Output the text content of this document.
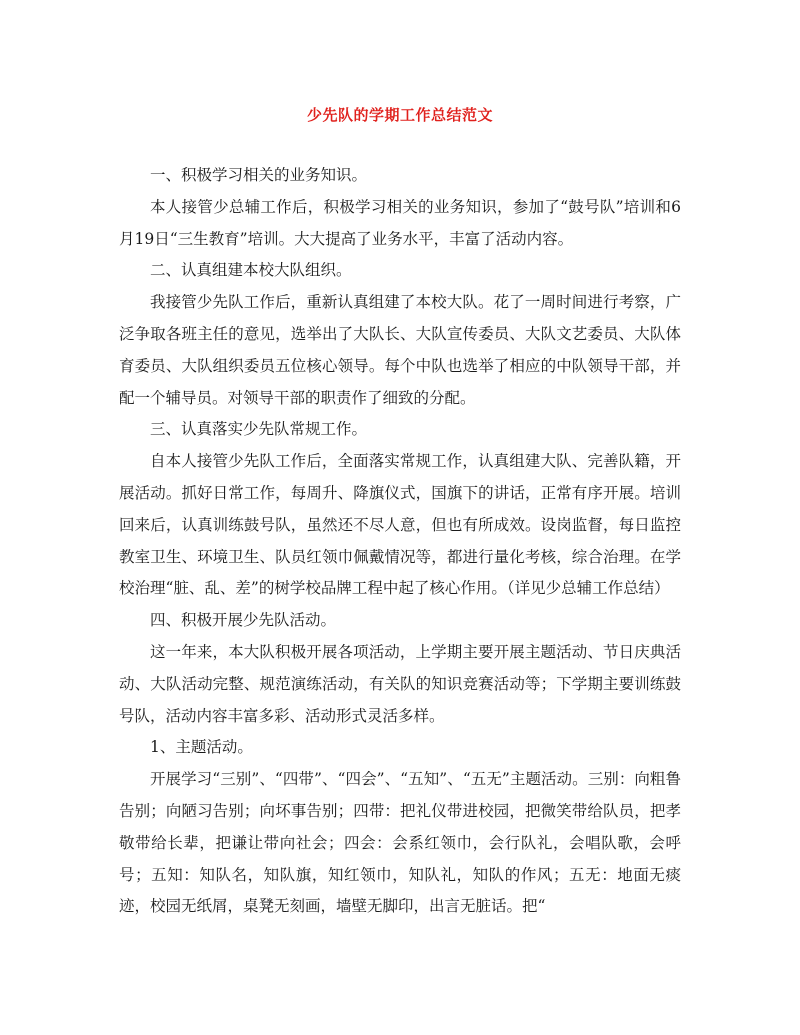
少先队的学期工作总结范文

一、积极学习相关的业务知识。

本人接管少总辅工作后，积极学习相关的业务知识，参加了“鼓号队”培训和6月19日“三生教育”培训。大大提高了业务水平，丰富了活动内容。

二、认真组建本校大队组织。

我接管少先队工作后，重新认真组建了本校大队。花了一周时间进行考察，广泛争取各班主任的意见，选举出了大队长、大队宣传委员、大队文艺委员、大队体育委员、大队组织委员五位核心领导。每个中队也选举了相应的中队领导干部，并配一个辅导员。对领导干部的职责作了细致的分配。

三、认真落实少先队常规工作。

自本人接管少先队工作后，全面落实常规工作，认真组建大队、完善队籍，开展活动。抓好日常工作，每周升、降旗仪式，国旗下的讲话，正常有序开展。培训回来后，认真训练鼓号队，虽然还不尽人意，但也有所成效。设岗监督，每日监控教室卫生、环境卫生、队员红领巾佩戴情况等，都进行量化考核，综合治理。在学校治理“脏、乱、差”的树学校品牌工程中起了核心作用。（详见少总辅工作总结）

四、积极开展少先队活动。

这一年来，本大队积极开展各项活动，上学期主要开展主题活动、节日庆典活动、大队活动完整、规范演练活动，有关队的知识竞赛活动等；下学期主要训练鼓号队，活动内容丰富多彩、活动形式灵活多样。

1、主题活动。

开展学习“三别”、“四带”、“四会”、“五知”、“五无”主题活动。三别：向粗鲁告别；向陋习告别；向坏事告别；四带：把礼仪带进校园，把微笑带给队员，把孝敬带给长辈，把谦让带向社会；四会：会系红领巾，会行队礼，会唱队歌，会呼号；五知：知队名，知队旗，知红领巾，知队礼，知队的作风；五无：地面无痰迹，校园无纸屑，桌凳无刻画，墙壁无脚印，出言无脏话。把“
